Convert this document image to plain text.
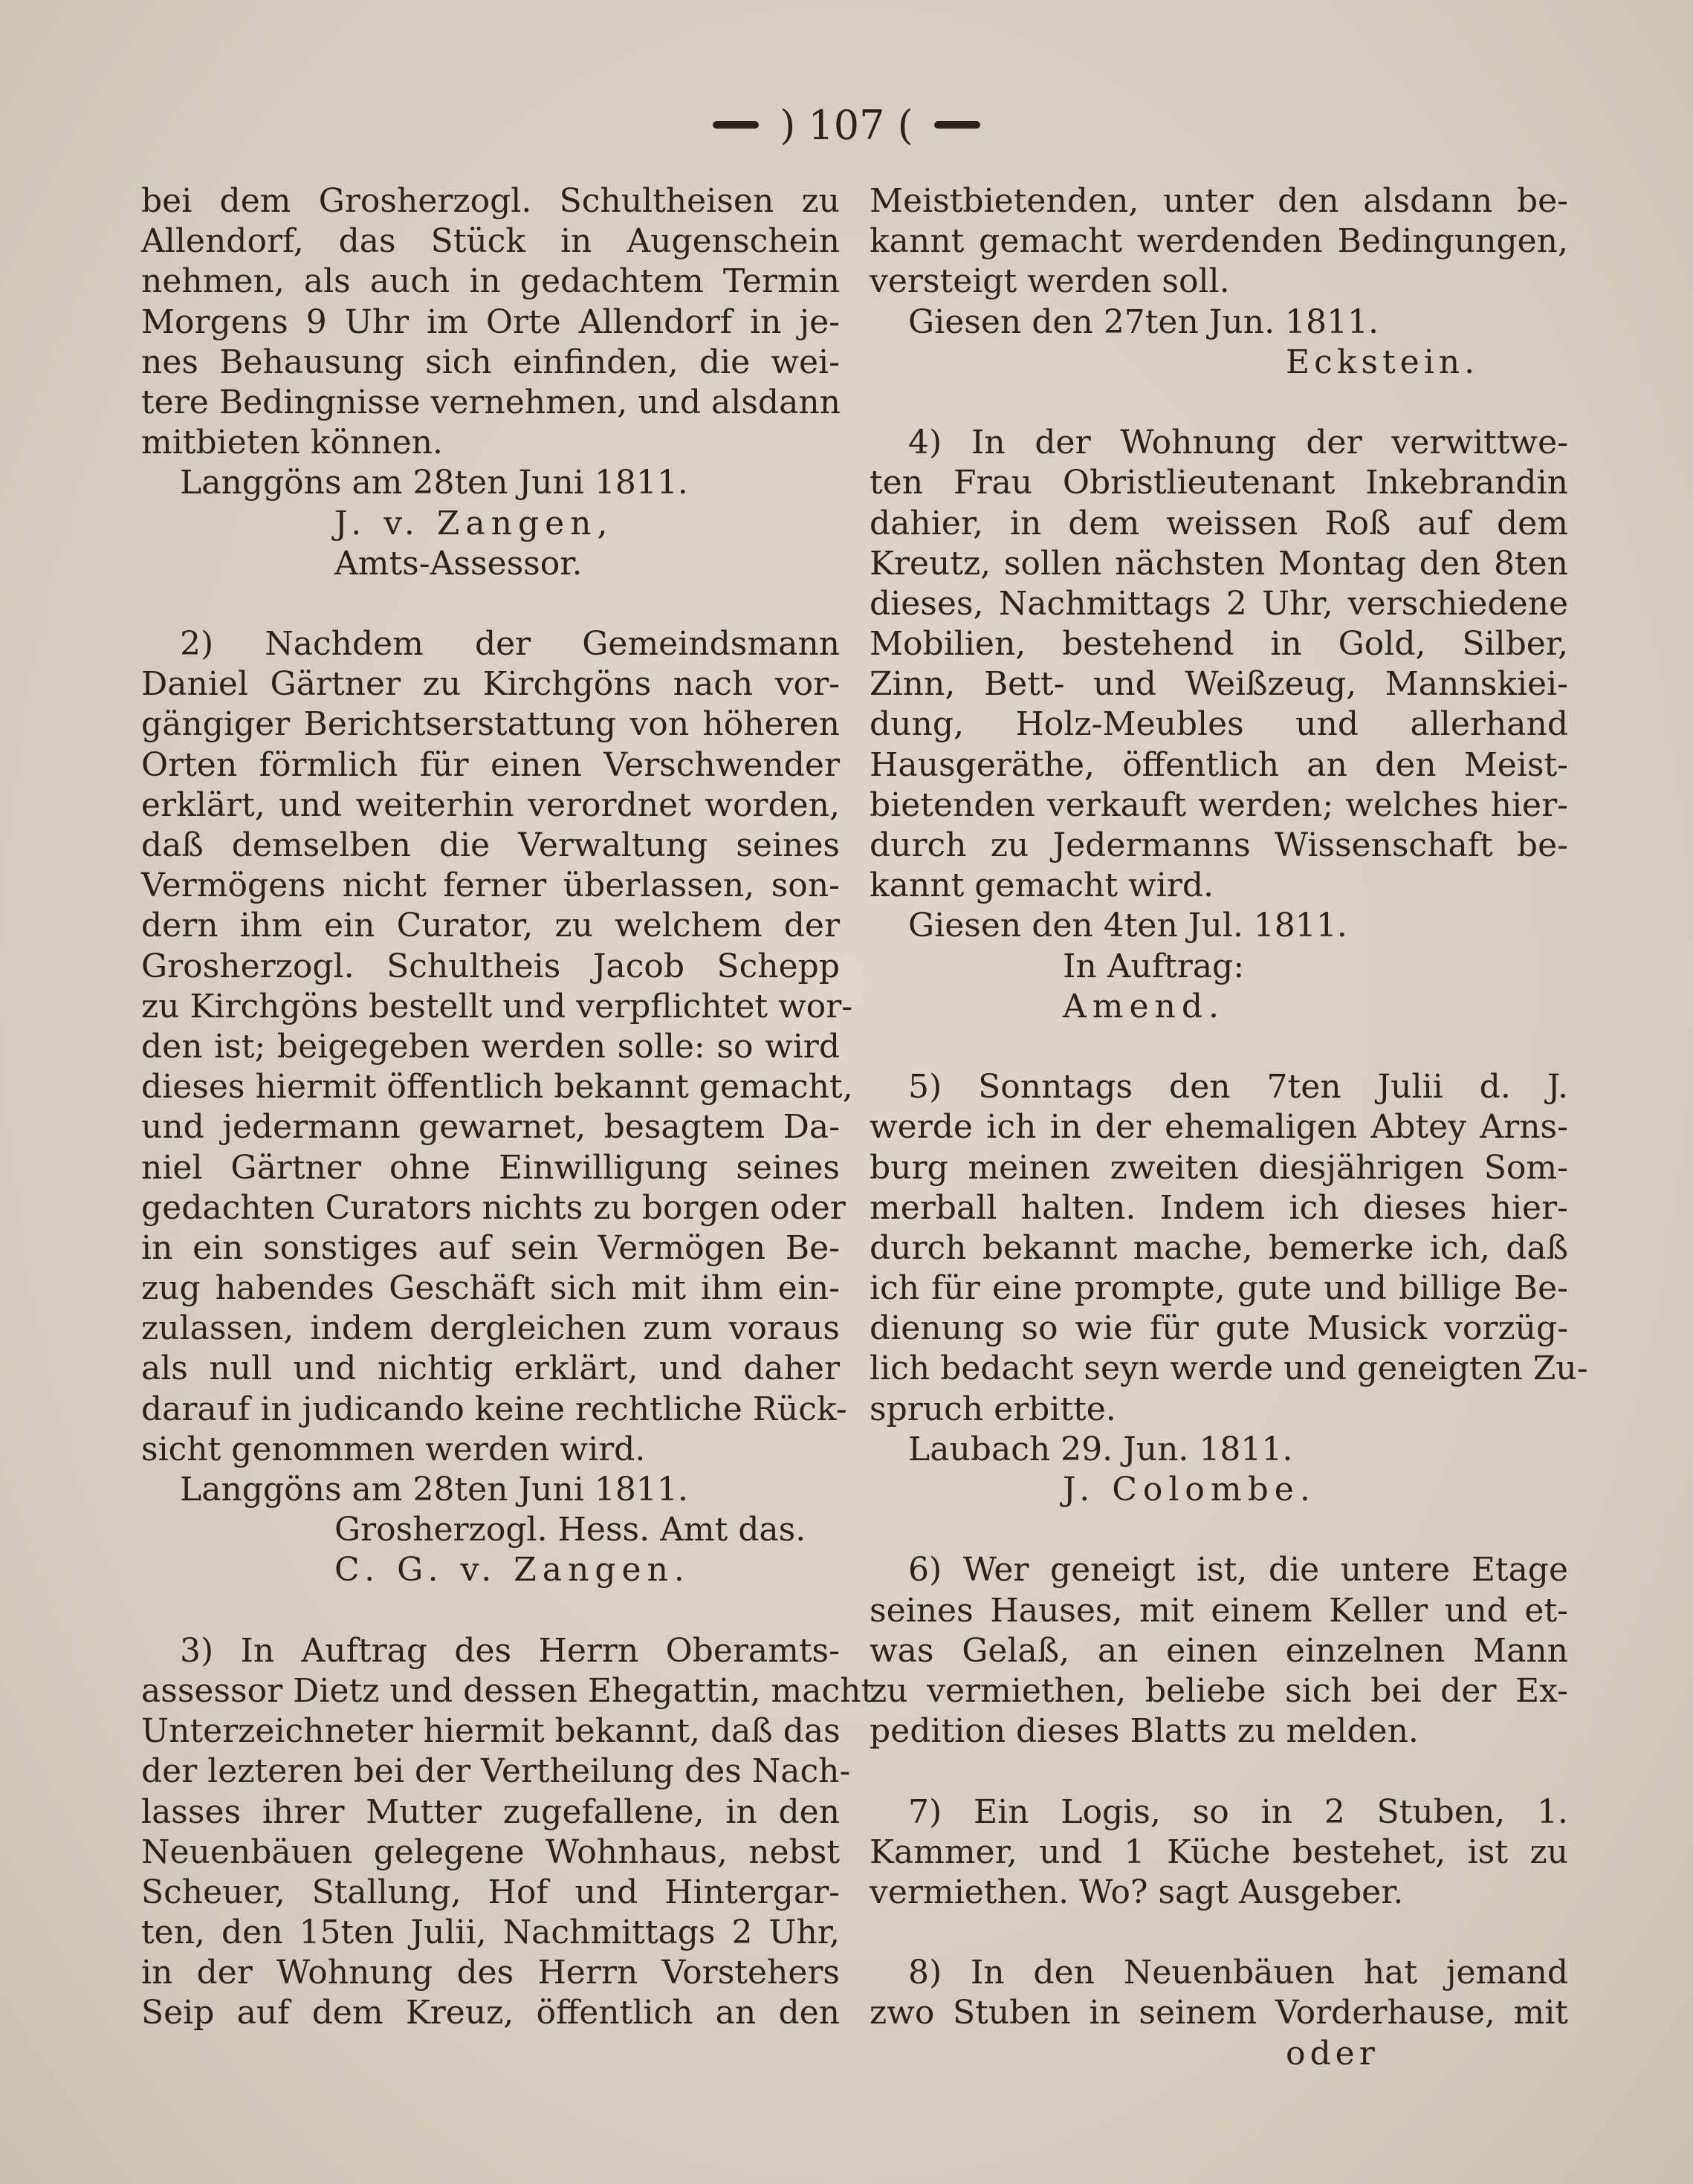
) 107 (
bei dem Grosherzogl. Schultheisen zu
Allendorf, das Stück in Augenschein
nehmen, als auch in gedachtem Termin
Morgens 9 Uhr im Orte Allendorf in je-
nes Behausung sich einfinden, die wei-
tere Bedingnisse vernehmen, und alsdann
mitbieten können.
Langgöns am 28ten Juni 1811.
J. v. Zangen,
Amts-Assessor.
2) Nachdem der Gemeindsmann
Daniel Gärtner zu Kirchgöns nach vor-
gängiger Berichtserstattung von höheren
Orten förmlich für einen Verschwender
erklärt, und weiterhin verordnet worden,
daß demselben die Verwaltung seines
Vermögens nicht ferner überlassen, son-
dern ihm ein Curator, zu welchem der
Grosherzogl. Schultheis Jacob Schepp
zu Kirchgöns bestellt und verpflichtet wor-
den ist; beigegeben werden solle: so wird
dieses hiermit öffentlich bekannt gemacht,
und jedermann gewarnet, besagtem Da-
niel Gärtner ohne Einwilligung seines
gedachten Curators nichts zu borgen oder
in ein sonstiges auf sein Vermögen Be-
zug habendes Geschäft sich mit ihm ein-
zulassen, indem dergleichen zum voraus
als null und nichtig erklärt, und daher
darauf in judicando keine rechtliche Rück-
sicht genommen werden wird.
Langgöns am 28ten Juni 1811.
Grosherzogl. Hess. Amt das.
C. G. v. Zangen.
3) In Auftrag des Herrn Oberamts-
assessor Dietz und dessen Ehegattin, macht
Unterzeichneter hiermit bekannt, daß das
der lezteren bei der Vertheilung des Nach-
lasses ihrer Mutter zugefallene, in den
Neuenbäuen gelegene Wohnhaus, nebst
Scheuer, Stallung, Hof und Hintergar-
ten, den 15ten Julii, Nachmittags 2 Uhr,
in der Wohnung des Herrn Vorstehers
Seip auf dem Kreuz, öffentlich an den
Meistbietenden, unter den alsdann be-
kannt gemacht werdenden Bedingungen,
versteigt werden soll.
Giesen den 27ten Jun. 1811.
Eckstein.
4) In der Wohnung der verwittwe-
ten Frau Obristlieutenant Inkebrandin
dahier, in dem weissen Roß auf dem
Kreutz, sollen nächsten Montag den 8ten
dieses, Nachmittags 2 Uhr, verschiedene
Mobilien, bestehend in Gold, Silber,
Zinn, Bett- und Weißzeug, Mannskiei-
dung, Holz-Meubles und allerhand
Hausgeräthe, öffentlich an den Meist-
bietenden verkauft werden; welches hier-
durch zu Jedermanns Wissenschaft be-
kannt gemacht wird.
Giesen den 4ten Jul. 1811.
In Auftrag:
Amend.
5) Sonntags den 7ten Julii d. J.
werde ich in der ehemaligen Abtey Arns-
burg meinen zweiten diesjährigen Som-
merball halten. Indem ich dieses hier-
durch bekannt mache, bemerke ich, daß
ich für eine prompte, gute und billige Be-
dienung so wie für gute Musick vorzüg-
lich bedacht seyn werde und geneigten Zu-
spruch erbitte.
Laubach 29. Jun. 1811.
J. Colombe.
6) Wer geneigt ist, die untere Etage
seines Hauses, mit einem Keller und et-
was Gelaß, an einen einzelnen Mann
zu vermiethen, beliebe sich bei der Ex-
pedition dieses Blatts zu melden.
7) Ein Logis, so in 2 Stuben, 1.
Kammer, und 1 Küche bestehet, ist zu
vermiethen. Wo? sagt Ausgeber.
8) In den Neuenbäuen hat jemand
zwo Stuben in seinem Vorderhause, mit
oder
